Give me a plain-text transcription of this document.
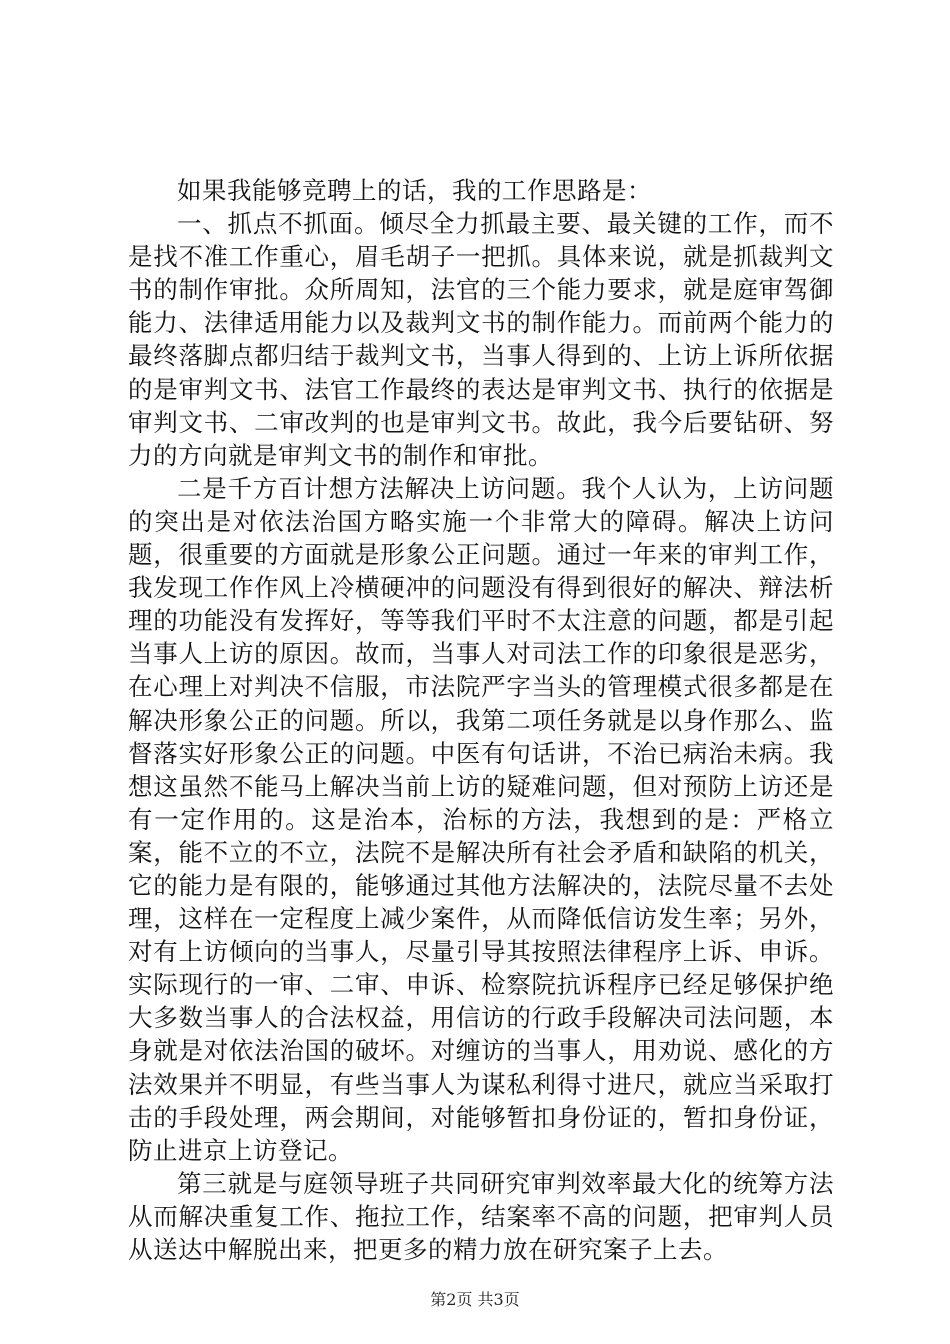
如果我能够竞聘上的话，我的工作思路是：

一、抓点不抓面。倾尽全力抓最主要、最关键的工作，而不是找不准工作重心，眉毛胡子一把抓。具体来说，就是抓裁判文书的制作审批。众所周知，法官的三个能力要求，就是庭审驾御能力、法律适用能力以及裁判文书的制作能力。而前两个能力的最终落脚点都归结于裁判文书，当事人得到的、上访上诉所依据的是审判文书、法官工作最终的表达是审判文书、执行的依据是审判文书、二审改判的也是审判文书。故此，我今后要钻研、努力的方向就是审判文书的制作和审批。

二是千方百计想方法解决上访问题。我个人认为，上访问题的突出是对依法治国方略实施一个非常大的障碍。解决上访问题，很重要的方面就是形象公正问题。通过一年来的审判工作，我发现工作作风上冷横硬冲的问题没有得到很好的解决、辩法析理的功能没有发挥好，等等我们平时不太注意的问题，都是引起当事人上访的原因。故而，当事人对司法工作的印象很是恶劣，在心理上对判决不信服，市法院严字当头的管理模式很多都是在解决形象公正的问题。所以，我第二项任务就是以身作那么、监督落实好形象公正的问题。中医有句话讲，不治已病治未病。我想这虽然不能马上解决当前上访的疑难问题，但对预防上访还是有一定作用的。这是治本，治标的方法，我想到的是：严格立案，能不立的不立，法院不是解决所有社会矛盾和缺陷的机关，它的能力是有限的，能够通过其他方法解决的，法院尽量不去处理，这样在一定程度上减少案件，从而降低信访发生率；另外，对有上访倾向的当事人，尽量引导其按照法律程序上诉、申诉。实际现行的一审、二审、申诉、检察院抗诉程序已经足够保护绝大多数当事人的合法权益，用信访的行政手段解决司法问题，本身就是对依法治国的破坏。对缠访的当事人，用劝说、感化的方法效果并不明显，有些当事人为谋私利得寸进尺，就应当采取打击的手段处理，两会期间，对能够暂扣身份证的，暂扣身份证，防止进京上访登记。

第三就是与庭领导班子共同研究审判效率最大化的统筹方法从而解决重复工作、拖拉工作，结案率不高的问题，把审判人员从送达中解脱出来，把更多的精力放在研究案子上去。

第2页 共3页
